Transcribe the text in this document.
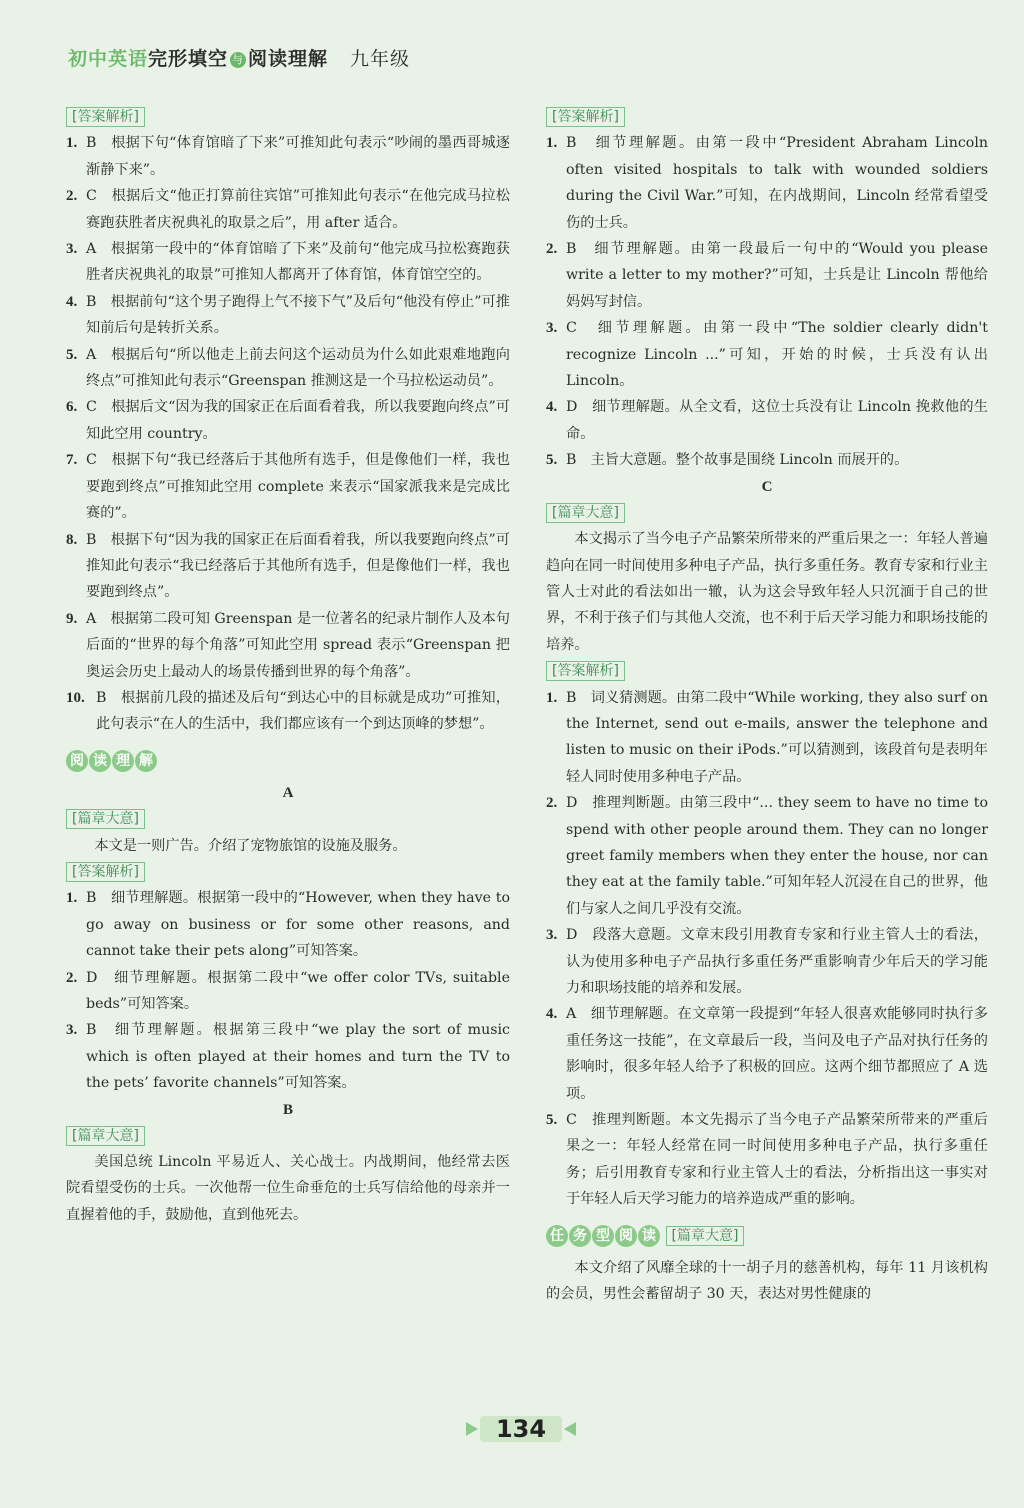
初中英语完形填空 与 阅读理解 九年级
[答案解析]
1. B　根据下句“体育馆暗了下来”可推知此句表示“吵闹的墨西哥城逐渐静下来”。
2. C　根据后文“他正打算前往宾馆”可推知此句表示“在他完成马拉松赛跑获胜者庆祝典礼的取景之后”，用 after 适合。
3. A　根据第一段中的“体育馆暗了下来”及前句“他完成马拉松赛跑获胜者庆祝典礼的取景”可推知人都离开了体育馆，体育馆空空的。
4. B　根据前句“这个男子跑得上气不接下气”及后句“他没有停止”可推知前后句是转折关系。
5. A　根据后句“所以他走上前去问这个运动员为什么如此艰难地跑向终点”可推知此句表示“Greenspan 推测这是一个马拉松运动员”。
6. C　根据后文“因为我的国家正在后面看着我，所以我要跑向终点”可知此空用 country。
7. C　根据下句“我已经落后于其他所有选手，但是像他们一样，我也要跑到终点”可推知此空用 complete 来表示“国家派我来是完成比赛的”。
8. B　根据下句“因为我的国家正在后面看着我，所以我要跑向终点”可推知此句表示“我已经落后于其他所有选手，但是像他们一样，我也要跑到终点”。
9. A　根据第二段可知 Greenspan 是一位著名的纪录片制作人及本句后面的“世界的每个角落”可知此空用 spread 表示“Greenspan 把奥运会历史上最动人的场景传播到世界的每个角落”。
10. B　根据前几段的描述及后句“到达心中的目标就是成功”可推知，此句表示“在人的生活中，我们都应该有一个到达顶峰的梦想”。
阅 读 理 解
A
[篇章大意]
本文是一则广告。介绍了宠物旅馆的设施及服务。
[答案解析]
1. B　细节理解题。根据第一段中的“However, when they have to go away on business or for some other reasons, and cannot take their pets along”可知答案。
2. D　细节理解题。根据第二段中“we offer color TVs, suitable beds”可知答案。
3. B　细节理解题。根据第三段中“we play the sort of music which is often played at their homes and turn the TV to the pets’ favorite channels”可知答案。
B
[篇章大意]
美国总统 Lincoln 平易近人、关心战士。内战期间，他经常去医院看望受伤的士兵。一次他帮一位生命垂危的士兵写信给他的母亲并一直握着他的手，鼓励他，直到他死去。
[答案解析]
1. B　细节理解题。由第一段中“President Abraham Lincoln often visited hospitals to talk with wounded soldiers during the Civil War.”可知，在内战期间，Lincoln 经常看望受伤的士兵。
2. B　细节理解题。由第一段最后一句中的“Would you please write a letter to my mother?”可知，士兵是让 Lincoln 帮他给妈妈写封信。
3. C　细节理解题。由第一段中“The soldier clearly didn't recognize Lincoln ...”可知，开始的时候，士兵没有认出 Lincoln。
4. D　细节理解题。从全文看，这位士兵没有让 Lincoln 挽救他的生命。
5. B　主旨大意题。整个故事是围绕 Lincoln 而展开的。
C
[篇章大意]
本文揭示了当今电子产品繁荣所带来的严重后果之一：年轻人普遍趋向在同一时间使用多种电子产品，执行多重任务。教育专家和行业主管人士对此的看法如出一辙，认为这会导致年轻人只沉湎于自己的世界，不利于孩子们与其他人交流，也不利于后天学习能力和职场技能的培养。
[答案解析]
1. B　词义猜测题。由第二段中“While working, they also surf on the Internet, send out e-mails, answer the telephone and listen to music on their iPods.”可以猜测到，该段首句是表明年轻人同时使用多种电子产品。
2. D　推理判断题。由第三段中“... they seem to have no time to spend with other people around them. They can no longer greet family members when they enter the house, nor can they eat at the family table.”可知年轻人沉浸在自己的世界，他们与家人之间几乎没有交流。
3. D　段落大意题。文章末段引用教育专家和行业主管人士的看法，认为使用多种电子产品执行多重任务严重影响青少年后天的学习能力和职场技能的培养和发展。
4. A　细节理解题。在文章第一段提到“年轻人很喜欢能够同时执行多重任务这一技能”，在文章最后一段，当问及电子产品对执行任务的影响时，很多年轻人给予了积极的回应。这两个细节都照应了 A 选项。
5. C　推理判断题。本文先揭示了当今电子产品繁荣所带来的严重后果之一：年轻人经常在同一时间使用多种电子产品，执行多重任务；后引用教育专家和行业主管人士的看法，分析指出这一事实对于年轻人后天学习能力的培养造成严重的影响。
任 务 型 阅 读 [篇章大意]
本文介绍了风靡全球的十一胡子月的慈善机构，每年 11 月该机构的会员，男性会蓄留胡子 30 天，表达对男性健康的
134
